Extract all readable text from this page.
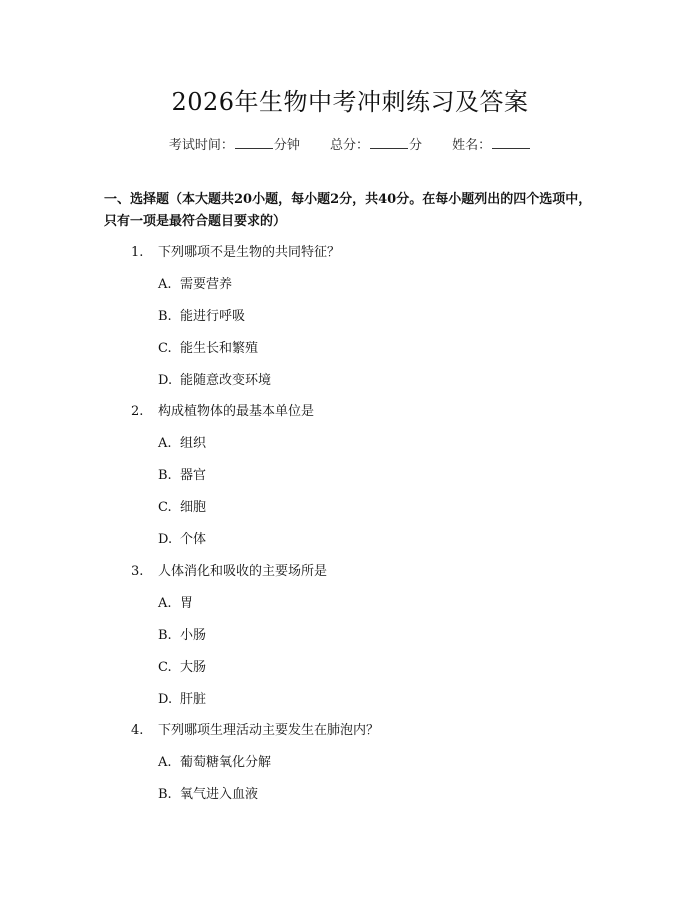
2026年生物中考冲刺练习及答案
考试时间：	分钟 总分：	分 姓名：
一、选择题（本大题共20小题，每小题2分，共40分。在每小题列出的四个选项中，只有一项是最符合题目要求的）
1. 下列哪项不是生物的共同特征？
A. 需要营养
B. 能进行呼吸
C. 能生长和繁殖
D. 能随意改变环境
2. 构成植物体的最基本单位是
A. 组织
B. 器官
C. 细胞
D. 个体
3. 人体消化和吸收的主要场所是
A. 胃
B. 小肠
C. 大肠
D. 肝脏
4. 下列哪项生理活动主要发生在肺泡内？
A. 葡萄糖氧化分解
B. 氧气进入血液
